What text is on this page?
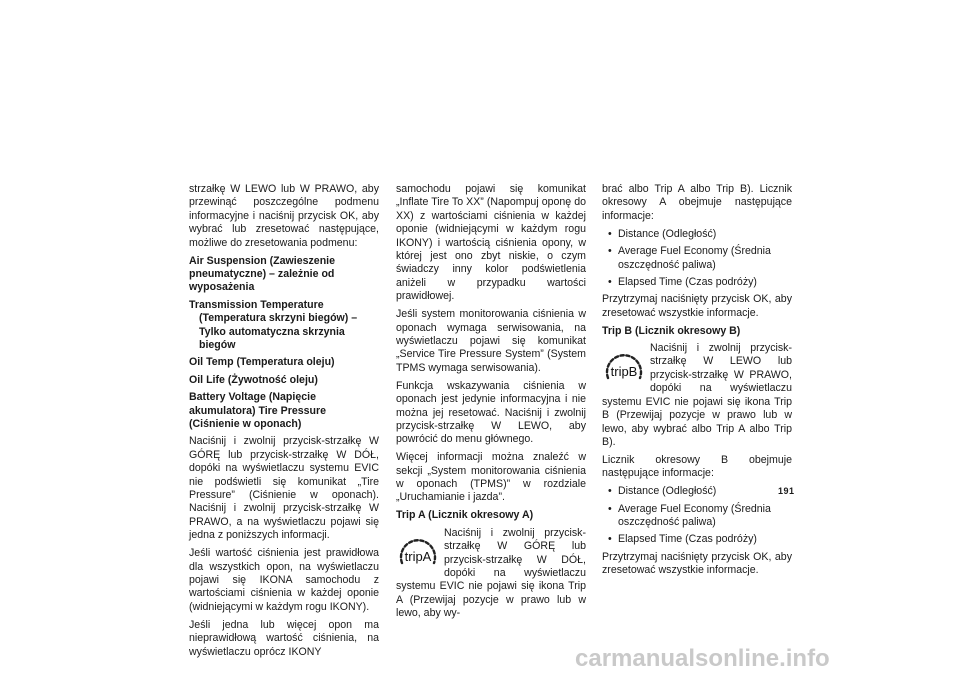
strzałkę W LEWO lub W PRAWO, aby przewinąć poszczególne podmenu informacyjne i naciśnij przycisk OK, aby wybrać lub zresetować następujące, możliwe do zresetowania podmenu:

Air Suspension (Zawieszenie pneumatyczne) – zależnie od wyposażenia

Transmission Temperature (Temperatura skrzyni biegów) – Tylko automatyczna skrzynia biegów

Oil Temp (Temperatura oleju)

Oil Life (Żywotność oleju)

Battery Voltage (Napięcie akumulatora) Tire Pressure (Ciśnienie w oponach)

Naciśnij i zwolnij przycisk-strzałkę W GÓRĘ lub przycisk-strzałkę W DÓŁ, dopóki na wyświetlaczu systemu EVIC nie podświetli się komunikat „Tire Pressure” (Ciśnienie w oponach). Naciśnij i zwolnij przycisk-strzałkę W PRAWO, a na wyświetlaczu pojawi się jedna z poniższych informacji.

Jeśli wartość ciśnienia jest prawidłowa dla wszystkich opon, na wyświetlaczu pojawi się IKONA samochodu z wartościami ciśnienia w każdej oponie (widniejącymi w każdym rogu IKONY).

Jeśli jedna lub więcej opon ma nieprawidłową wartość ciśnienia, na wyświetlaczu oprócz IKONY

samochodu pojawi się komunikat „Inflate Tire To XX” (Napompuj oponę do XX) z wartościami ciśnienia w każdej oponie (widniejącymi w każdym rogu IKONY) i wartością ciśnienia opony, w której jest ono zbyt niskie, o czym świadczy inny kolor podświetlenia aniżeli w przypadku wartości prawidłowej.

Jeśli system monitorowania ciśnienia w oponach wymaga serwisowania, na wyświetlaczu pojawi się komunikat „Service Tire Pressure System” (System TPMS wymaga serwisowania).

Funkcja wskazywania ciśnienia w oponach jest jedynie informacyjna i nie można jej resetować. Naciśnij i zwolnij przycisk-strzałkę W LEWO, aby powrócić do menu głównego.

Więcej informacji można znaleźć w sekcji „System monitorowania ciśnienia w oponach (TPMS)” w rozdziale „Uruchamianie i jazda”.

Trip A (Licznik okresowy A)

tripA
Naciśnij i zwolnij przycisk-strzałkę W GÓRĘ lub przycisk-strzałkę W DÓŁ, dopóki na wyświetlaczu systemu EVIC nie pojawi się ikona Trip A (Przewijaj pozycje w prawo lub w lewo, aby wy-

brać albo Trip A albo Trip B). Licznik okresowy A obejmuje następujące informacje:

• Distance (Odległość)

• Average Fuel Economy (Średnia oszczędność paliwa)

• Elapsed Time (Czas podróży)

Przytrzymaj naciśnięty przycisk OK, aby zresetować wszystkie informacje.

Trip B (Licznik okresowy B)

tripB
Naciśnij i zwolnij przycisk-strzałkę W LEWO lub przycisk-strzałkę W PRAWO, dopóki na wyświetlaczu systemu EVIC nie pojawi się ikona Trip B (Przewijaj pozycje w prawo lub w lewo, aby wybrać albo Trip A albo Trip B).

Licznik okresowy B obejmuje następujące informacje:

• Distance (Odległość)

• Average Fuel Economy (Średnia oszczędność paliwa)

• Elapsed Time (Czas podróży)

Przytrzymaj naciśnięty przycisk OK, aby zresetować wszystkie informacje.

191
carmanualsonline.info
